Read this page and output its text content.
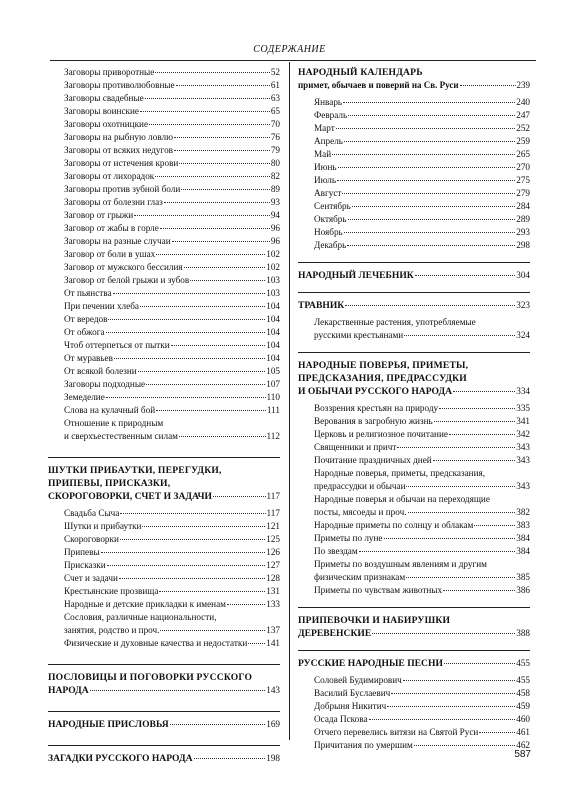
СОДЕРЖАНИЕ
Заговоры приворотные	52
Заговоры противолюбовные	61
Заговоры свадебные	63
Заговоры воинские	65
Заговоры охотницкие	70
Заговоры на рыбную ловлю	76
Заговоры от всяких недугов	79
Заговоры от истечения крови	80
Заговоры от лихорадок	82
Заговоры против зубной боли	89
Заговоры от болезни глаз	93
Заговор от грыжи	94
Заговор от жабы в горле	96
Заговоры на разные случаи	96
Заговор от боли в ушах	102
Заговор от мужского бессилия	102
Заговор от белой грыжи и зубов	103
От пьянства	103
При печении хлеба	104
От вередов	104
От обжога	104
Чтоб оттерпеться от пытки	104
От муравьев	104
От всякой болезни	105
Заговоры подходные	107
Земеделие	110
Слова на кулачный бой	111
Отношение к природным
и сверхъестественным силам	112
ШУТКИ ПРИБАУТКИ, ПЕРЕГУДКИ,
ПРИПЕВЫ, ПРИСКАЗКИ,
СКОРОГОВОРКИ, СЧЕТ И ЗАДАЧИ	117
Свадьба Сыча	117
Шутки и прибаутки	121
Скороговорки	125
Припевы	126
Присказки	127
Счет и задачи	128
Крестьянские прозвища	131
Народные и детские прикладки к именам	133
Сословия, различные национальности,
занятия, родство и проч.	137
Физические и духовные качества и недостатки 141
ПОСЛОВИЦЫ И ПОГОВОРКИ РУССКОГО
НАРОДА	143
НАРОДНЫЕ ПРИСЛОВЬЯ	169
ЗАГАДКИ РУССКОГО НАРОДА	198
НАРОДНЫЙ КАЛЕНДАРЬ
примет, обычаев и поверий на Св. Руси	239
Январь	240
Февраль	247
Март	252
Апрель	259
Май	265
Июнь	270
Июль	275
Август	279
Сентябрь	284
Октябрь	289
Ноябрь	293
Декабрь	298
НАРОДНЫЙ ЛЕЧЕБНИК	304
ТРАВНИК	323
Лекарственные растения, употребляемые
русскими крестьянами	324
НАРОДНЫЕ ПОВЕРЬЯ, ПРИМЕТЫ,
ПРЕДСКАЗАНИЯ, ПРЕДРАССУДКИ
И ОБЫЧАИ РУССКОГО НАРОДА	334
Воззрения крестьян на природу	335
Верования в загробную жизнь	341
Церковь и религиозное почитание	342
Священники и причт	343
Почитание праздничных дней	343
Народные поверья, приметы, предсказания,
предрассудки и обычаи	343
Народные поверья и обычаи на переходящие
посты, мясоеды и проч.	382
Народные приметы по солнцу и облакам	383
Приметы по луне	384
По звездам	384
Приметы по воздушным явлениям и другим
физическим признакам	385
Приметы по чувствам животных	386
ПРИПЕВОЧКИ И НАБИРУШКИ
ДЕРЕВЕНСКИЕ	388
РУССКИЕ НАРОДНЫЕ ПЕСНИ	455
Соловей Будимирович	455
Василий Буслаевич	458
Добрыня Никитич	459
Осада Пскова	460
Отчего перевелись витязи на Святой Руси	461
Причитания по умершим	462
587
